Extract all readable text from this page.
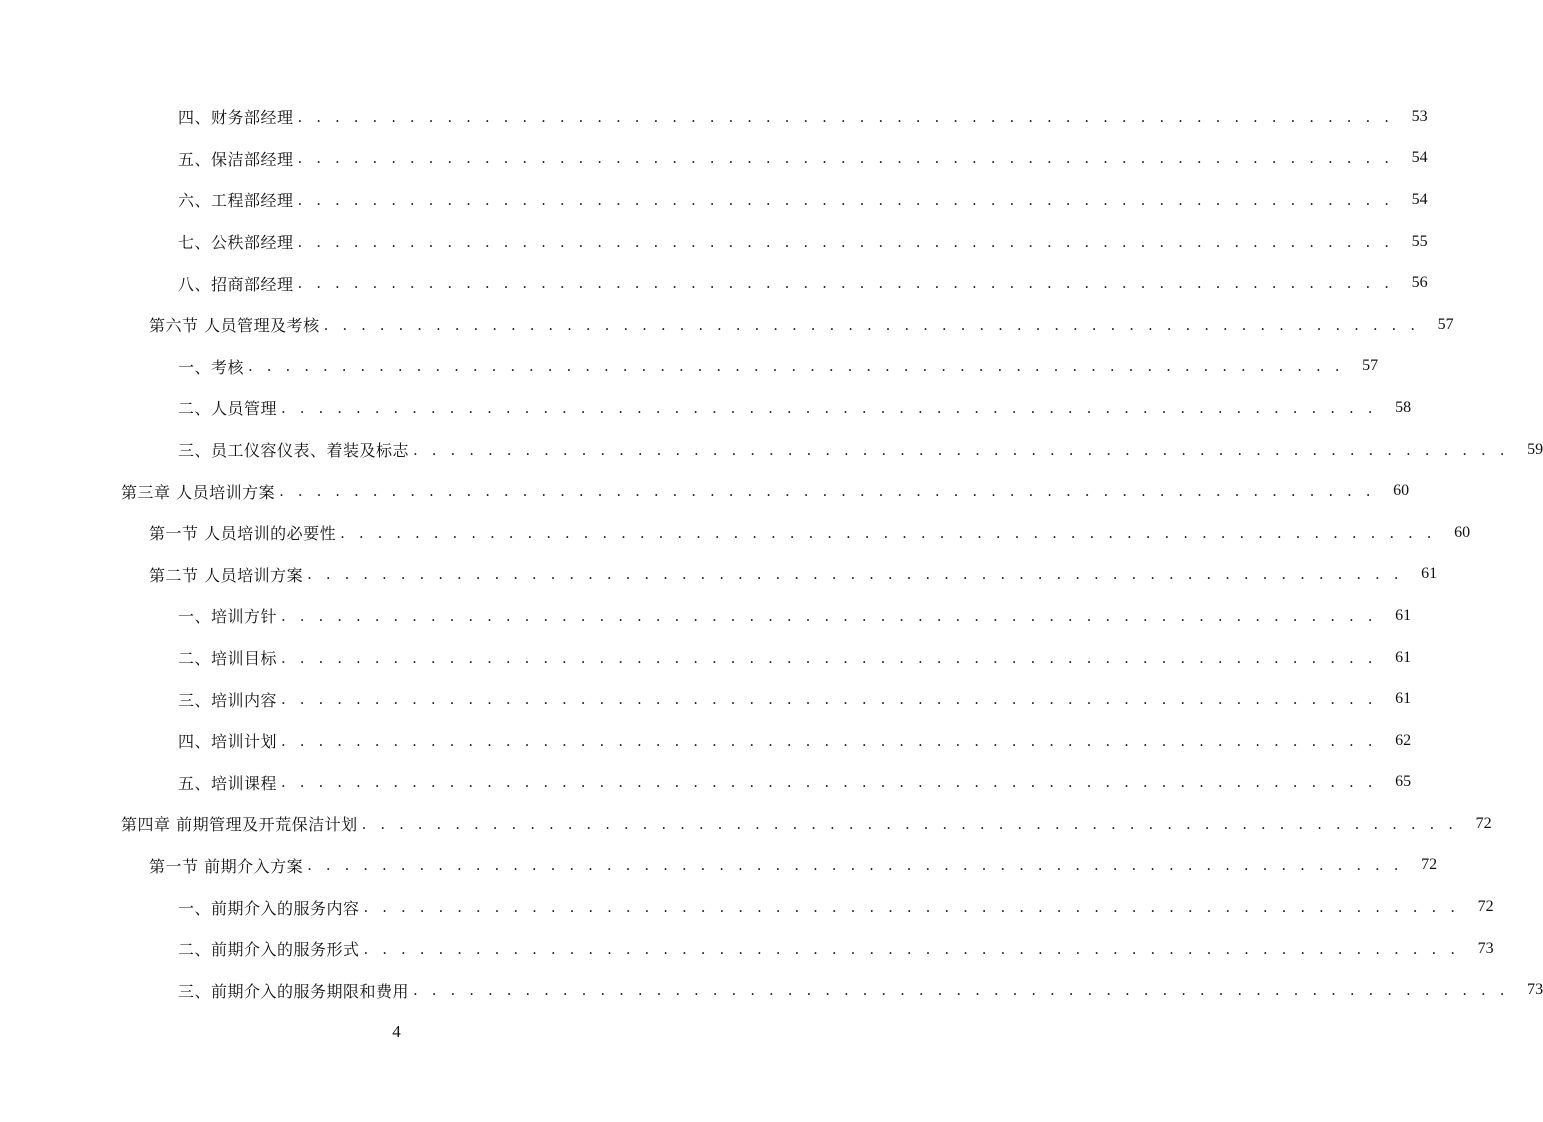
四、财务部经理 . . . . . . . . . . . . . . . . . . . . . . . . . . . . . . . . . . . . . . . . . . . . . . . . . . . . . . . . . . .	53
五、保洁部经理 . . . . . . . . . . . . . . . . . . . . . . . . . . . . . . . . . . . . . . . . . . . . . . . . . . . . . . . . . . .	54
六、工程部经理 . . . . . . . . . . . . . . . . . . . . . . . . . . . . . . . . . . . . . . . . . . . . . . . . . . . . . . . . . . .	54
七、公秩部经理 . . . . . . . . . . . . . . . . . . . . . . . . . . . . . . . . . . . . . . . . . . . . . . . . . . . . . . . . . . .	55
八、招商部经理 . . . . . . . . . . . . . . . . . . . . . . . . . . . . . . . . . . . . . . . . . . . . . . . . . . . . . . . . . . .	56
第六节 人员管理及考核 . . . . . . . . . . . . . . . . . . . . . . . . . . . . . . . . . . . . . . . . . . . . . . . . . . . . . . . . . . .	57
一、考核 . . . . . . . . . . . . . . . . . . . . . . . . . . . . . . . . . . . . . . . . . . . . . . . . . . . . . . . . . . .	57
二、人员管理 . . . . . . . . . . . . . . . . . . . . . . . . . . . . . . . . . . . . . . . . . . . . . . . . . . . . . . . . . . .	58
三、员工仪容仪表、着装及标志 . . . . . . . . . . . . . . . . . . . . . . . . . . . . . . . . . . . . . . . . . . . . . . . . . . . . . . . . . . .	59
第三章 人员培训方案 . . . . . . . . . . . . . . . . . . . . . . . . . . . . . . . . . . . . . . . . . . . . . . . . . . . . . . . . . . .	60
第一节 人员培训的必要性 . . . . . . . . . . . . . . . . . . . . . . . . . . . . . . . . . . . . . . . . . . . . . . . . . . . . . . . . . . .	60
第二节 人员培训方案 . . . . . . . . . . . . . . . . . . . . . . . . . . . . . . . . . . . . . . . . . . . . . . . . . . . . . . . . . . .	61
一、培训方针 . . . . . . . . . . . . . . . . . . . . . . . . . . . . . . . . . . . . . . . . . . . . . . . . . . . . . . . . . . .	61
二、培训目标 . . . . . . . . . . . . . . . . . . . . . . . . . . . . . . . . . . . . . . . . . . . . . . . . . . . . . . . . . . .	61
三、培训内容 . . . . . . . . . . . . . . . . . . . . . . . . . . . . . . . . . . . . . . . . . . . . . . . . . . . . . . . . . . .	61
四、培训计划 . . . . . . . . . . . . . . . . . . . . . . . . . . . . . . . . . . . . . . . . . . . . . . . . . . . . . . . . . . .	62
五、培训课程 . . . . . . . . . . . . . . . . . . . . . . . . . . . . . . . . . . . . . . . . . . . . . . . . . . . . . . . . . . .	65
第四章 前期管理及开荒保洁计划 . . . . . . . . . . . . . . . . . . . . . . . . . . . . . . . . . . . . . . . . . . . . . . . . . . . . . . . . . . .	72
第一节 前期介入方案 . . . . . . . . . . . . . . . . . . . . . . . . . . . . . . . . . . . . . . . . . . . . . . . . . . . . . . . . . . .	72
一、前期介入的服务内容 . . . . . . . . . . . . . . . . . . . . . . . . . . . . . . . . . . . . . . . . . . . . . . . . . . . . . . . . . . .	72
二、前期介入的服务形式 . . . . . . . . . . . . . . . . . . . . . . . . . . . . . . . . . . . . . . . . . . . . . . . . . . . . . . . . . . .	73
三、前期介入的服务期限和费用 . . . . . . . . . . . . . . . . . . . . . . . . . . . . . . . . . . . . . . . . . . . . . . . . . . . . . . . . . . .	73
4
